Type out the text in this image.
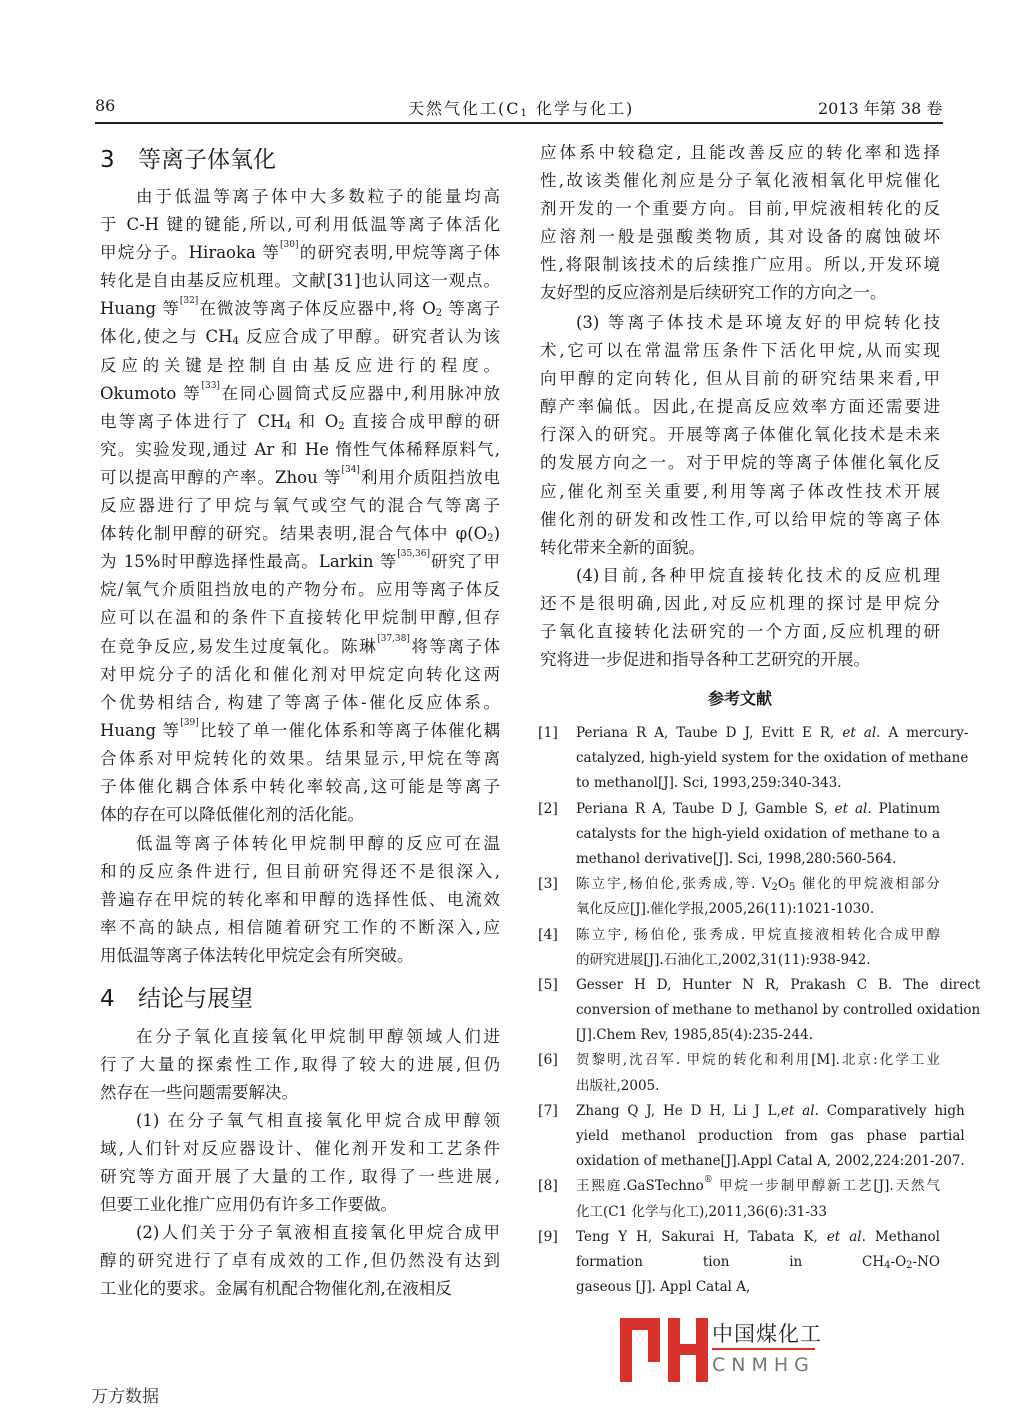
86	天然气化工($C_1$ 化学与化工)	2013 年第 38 卷
3 等离子体氧化
由于低温等离子体中大多数粒子的能量均高
于 C-H 键的键能,所以,可利用低温等离子体活化
甲烷分子。Hiraoka 等[30]的研究表明,甲烷等离子体
转化是自由基反应机理。文献[31]也认同这一观点。
Huang 等[32]在微波等离子体反应器中,将 $O_2$ 等离子
体化,使之与 $CH_4$ 反应合成了甲醇。研究者认为该
反应的关键是控制自由基反应进行的程度。
Okumoto 等[33]在同心圆筒式反应器中,利用脉冲放
电等离子体进行了 $CH_4$ 和 $O_2$ 直接合成甲醇的研
究。实验发现,通过 Ar 和 He 惰性气体稀释原料气,
可以提高甲醇的产率。Zhou 等[34]利用介质阻挡放电
反应器进行了甲烷与氧气或空气的混合气等离子
体转化制甲醇的研究。结果表明,混合气体中 $\varphi(O_2)$
为 15%时甲醇选择性最高。Larkin 等[35,36]研究了甲
烷/氧气介质阻挡放电的产物分布。应用等离子体反
应可以在温和的条件下直接转化甲烷制甲醇,但存
在竞争反应,易发生过度氧化。陈琳[37,38]将等离子体
对甲烷分子的活化和催化剂对甲烷定向转化这两
个优势相结合, 构建了等离子体-催化反应体系。
Huang 等[39]比较了单一催化体系和等离子体催化耦
合体系对甲烷转化的效果。结果显示,甲烷在等离
子体催化耦合体系中转化率较高,这可能是等离子
体的存在可以降低催化剂的活化能。
低温等离子体转化甲烷制甲醇的反应可在温
和的反应条件进行, 但目前研究得还不是很深入,
普遍存在甲烷的转化率和甲醇的选择性低、电流效
率不高的缺点, 相信随着研究工作的不断深入,应
用低温等离子体法转化甲烷定会有所突破。
4 结论与展望
在分子氧化直接氧化甲烷制甲醇领域人们进
行了大量的探索性工作,取得了较大的进展,但仍
然存在一些问题需要解决。
(1) 在分子氧气相直接氧化甲烷合成甲醇领
域,人们针对反应器设计、催化剂开发和工艺条件
研究等方面开展了大量的工作, 取得了一些进展,
但要工业化推广应用仍有许多工作要做。
(2)人们关于分子氧液相直接氧化甲烷合成甲
醇的研究进行了卓有成效的工作,但仍然没有达到
工业化的要求。金属有机配合物催化剂,在液相反
应体系中较稳定, 且能改善反应的转化率和选择
性,故该类催化剂应是分子氧化液相氧化甲烷催化
剂开发的一个重要方向。目前,甲烷液相转化的反
应溶剂一般是强酸类物质, 其对设备的腐蚀破坏
性,将限制该技术的后续推广应用。所以,开发环境
友好型的反应溶剂是后续研究工作的方向之一。
(3) 等离子体技术是环境友好的甲烷转化技
术,它可以在常温常压条件下活化甲烷,从而实现
向甲醇的定向转化, 但从目前的研究结果来看,甲
醇产率偏低。因此,在提高反应效率方面还需要进
行深入的研究。开展等离子体催化氧化技术是未来
的发展方向之一。对于甲烷的等离子体催化氧化反
应,催化剂至关重要,利用等离子体改性技术开展
催化剂的研发和改性工作,可以给甲烷的等离子体
转化带来全新的面貌。
(4)目前,各种甲烷直接转化技术的反应机理
还不是很明确,因此,对反应机理的探讨是甲烷分
子氧化直接转化法研究的一个方面,反应机理的研
究将进一步促进和指导各种工艺研究的开展。
参考文献
[1]	Periana R A, Taube D J, Evitt E R, et al. A mercury-
catalyzed, high-yield system for the oxidation of methane
to methanol[J]. Sci, 1993,259:340-343.
[2]	Periana R A, Taube D J, Gamble S, et al. Platinum
catalysts for the high-yield oxidation of methane to a
methanol derivative[J]. Sci, 1998,280:560-564.
[3]	陈立宇,杨伯伦,张秀成,等. $V_2O_5$ 催化的甲烷液相部分
氧化反应[J].催化学报,2005,26(11):1021-1030.
[4]	陈立宇, 杨伯伦, 张秀成. 甲烷直接液相转化合成甲醇
的研究进展[J].石油化工,2002,31(11):938-942.
[5]	Gesser H D, Hunter N R, Prakash C B. The direct
conversion of methane to methanol by controlled oxidation
[J].Chem Rev, 1985,85(4):235-244.
[6]	贺黎明,沈召军. 甲烷的转化和利用[M].北京:化学工业
出版社,2005.
[7]	Zhang Q J, He D H, Li J L,et al. Comparatively high
yield methanol production from gas phase partial
oxidation of methane[J].Appl Catal A, 2002,224:201-207.
[8]	王熙庭.GaSTechno® 甲烷一步制甲醇新工艺[J].天然气
化工(C1 化学与化工),2011,36(6):31-33
[9]	Teng Y H, Sakurai H, Tabata K, et al. Methanol
formation tion in $CH_4-O_2-NO$
gaseous [J]. Appl Catal A,
中国煤化工
CNMHG
万方数据
